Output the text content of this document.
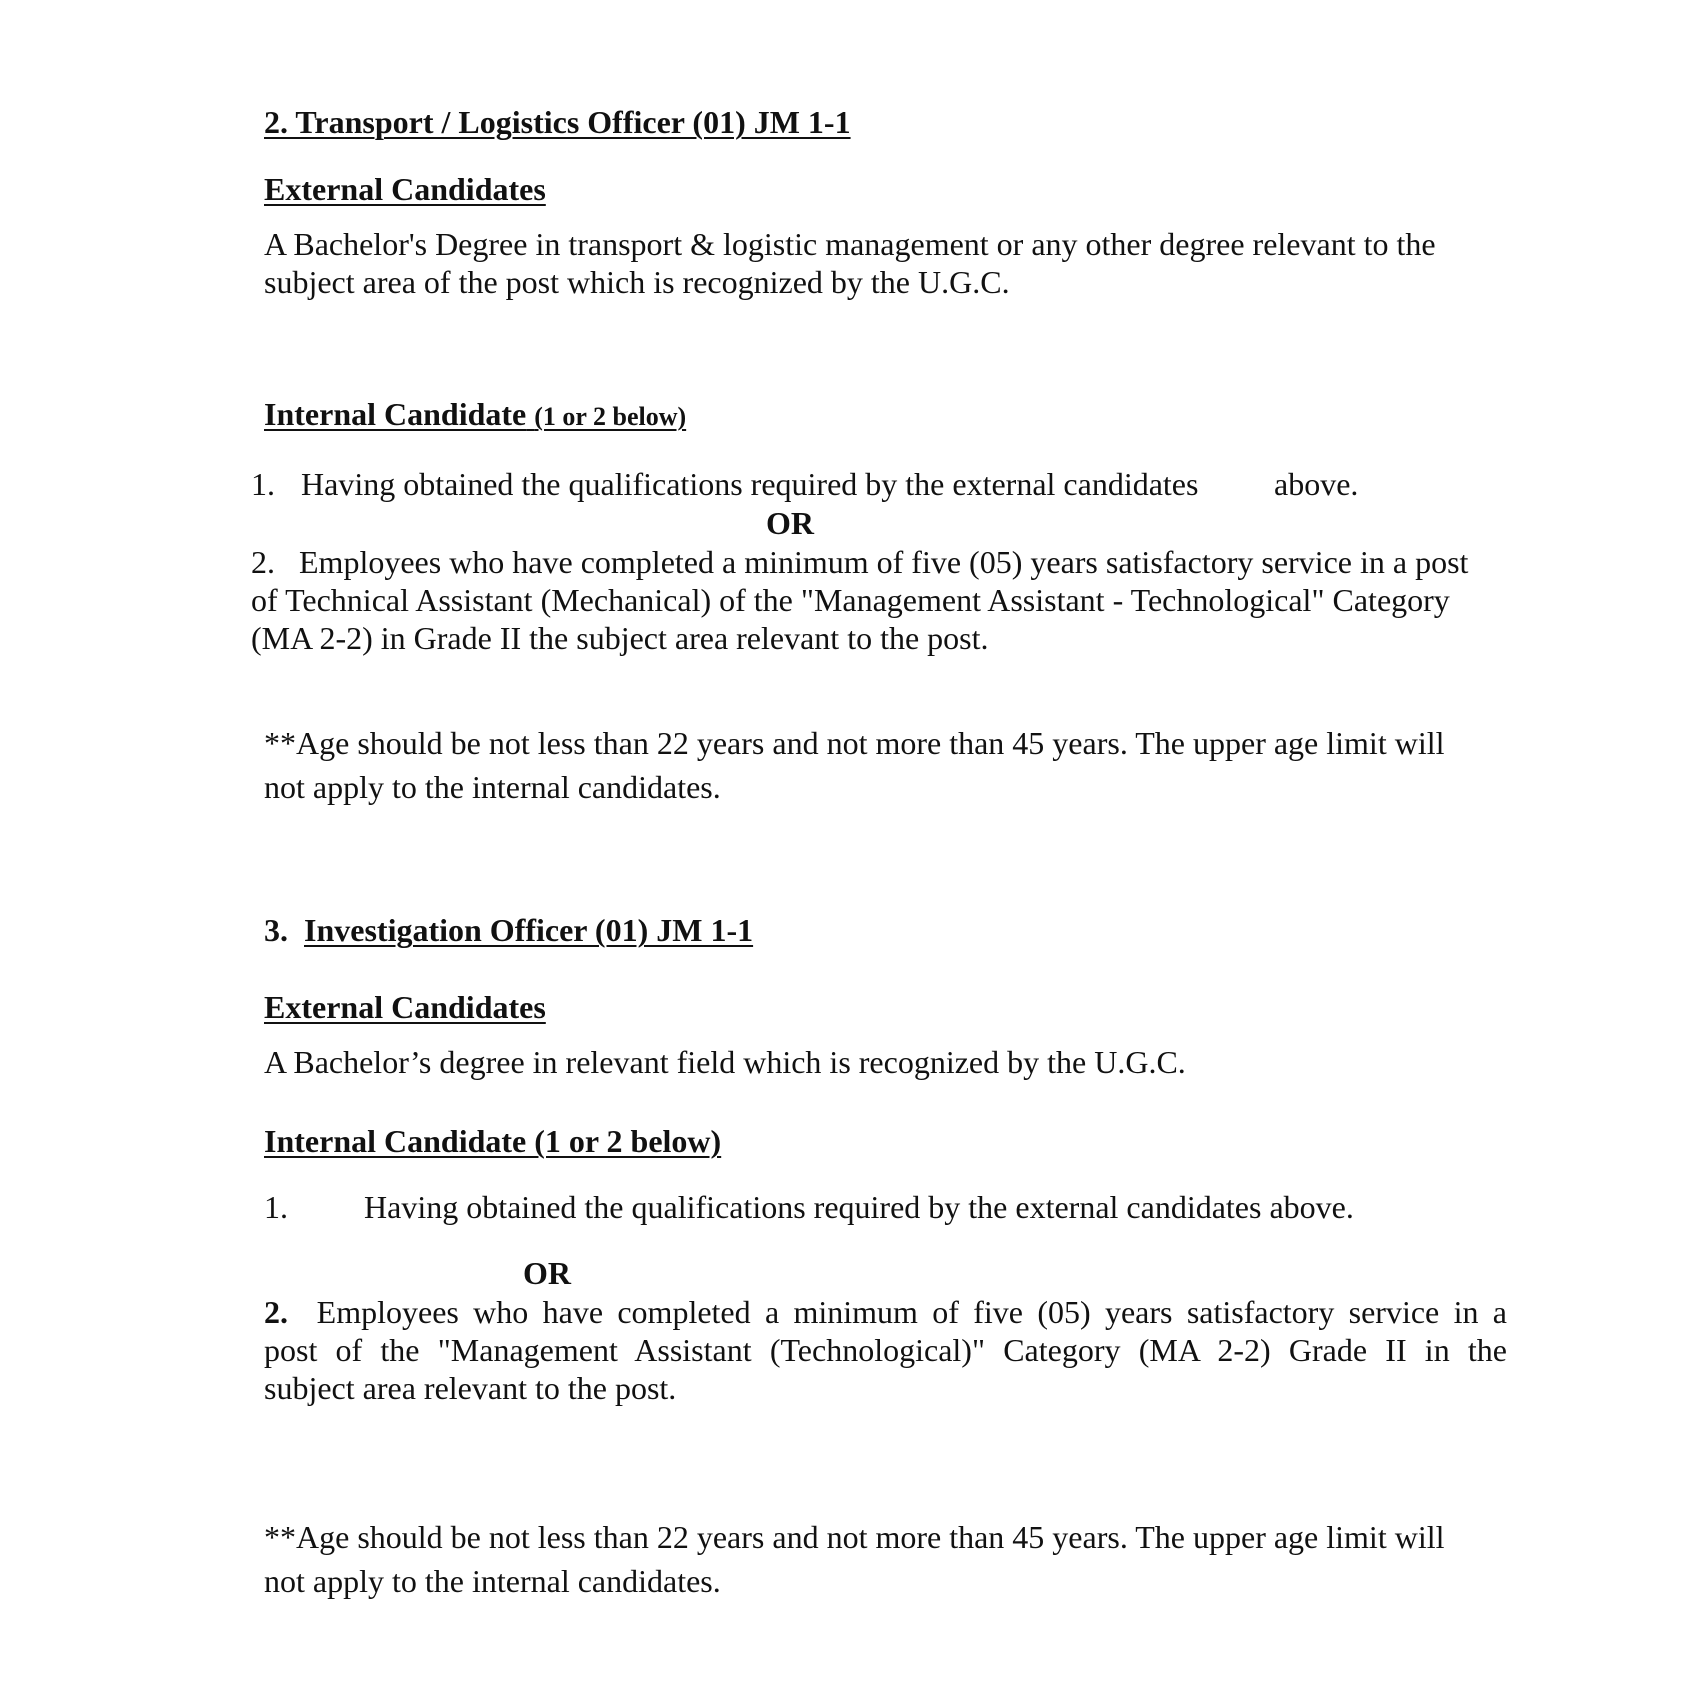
2. Transport / Logistics Officer (01) JM 1-1

External Candidates

A Bachelor's Degree in transport & logistic management or any other degree relevant to the

subject area of the post which is recognized by the U.G.C.

Internal Candidate (1 or 2 below)

1. Having obtained the qualifications required by the external candidates above.

OR

2.   Employees who have completed a minimum of five (05) years satisfactory service in a post

of Technical Assistant (Mechanical) of the "Management Assistant - Technological" Category

(MA 2-2) in Grade II the subject area relevant to the post.

**Age should be not less than 22 years and not more than 45 years. The upper age limit will

not apply to the internal candidates.

3. Investigation Officer (01) JM 1-1

External Candidates

A Bachelor’s degree in relevant field which is recognized by the U.G.C.

Internal Candidate (1 or 2 below)

1. Having obtained the qualifications required by the external candidates above.

OR

2. Employees who have completed a minimum of five (05) years satisfactory service in a

post of the "Management Assistant (Technological)" Category (MA 2-2) Grade II in the

subject area relevant to the post.

**Age should be not less than 22 years and not more than 45 years. The upper age limit will

not apply to the internal candidates.
